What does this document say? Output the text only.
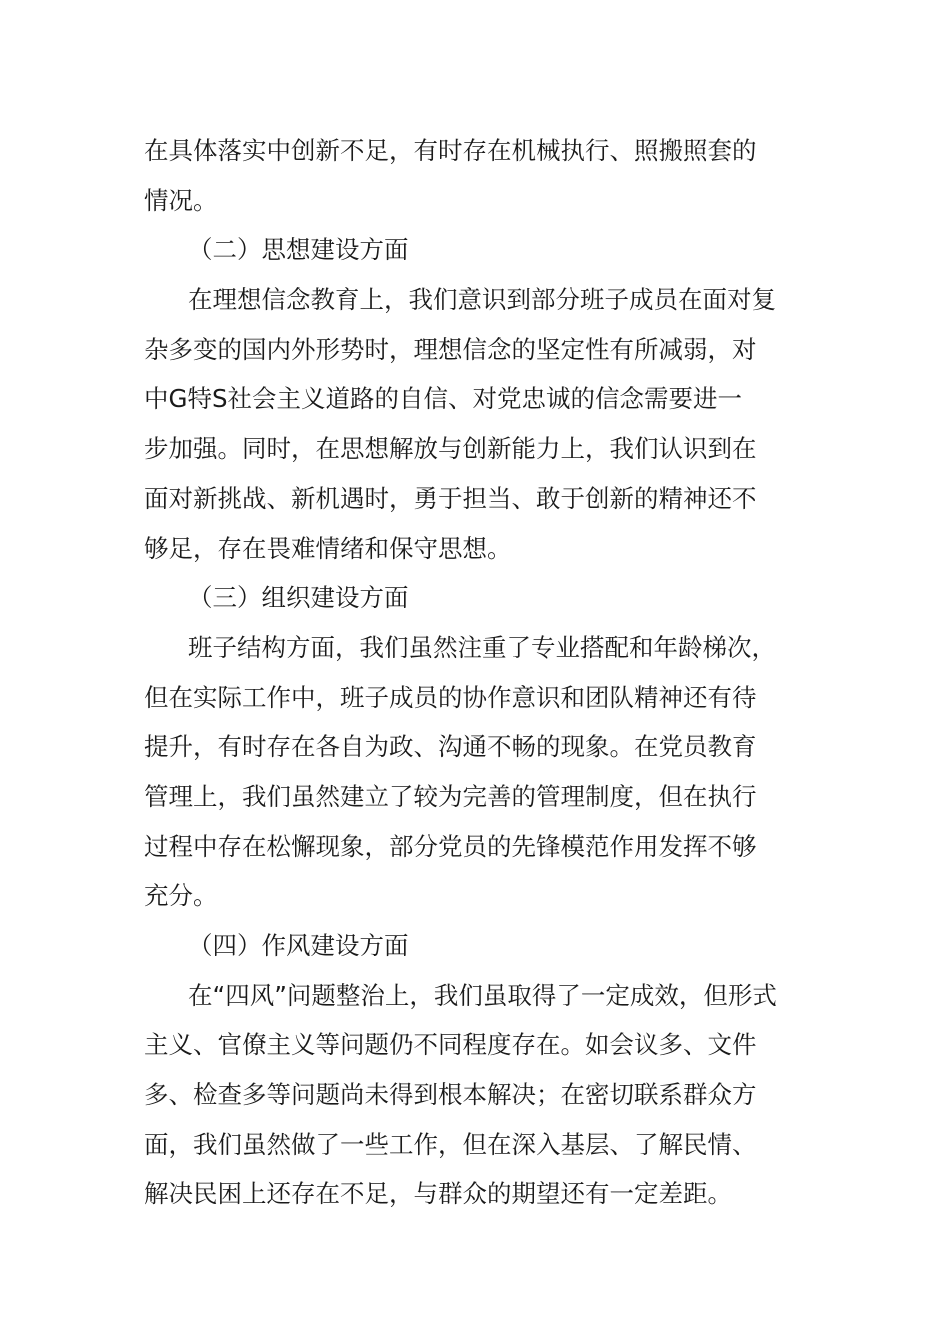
在具体落实中创新不足，有时存在机械执行、照搬照套的
情况。
（二）思想建设方面
在理想信念教育上，我们意识到部分班子成员在面对复
杂多变的国内外形势时，理想信念的坚定性有所减弱，对
中G特S社会主义道路的自信、对党忠诚的信念需要进一
步加强。同时，在思想解放与创新能力上，我们认识到在
面对新挑战、新机遇时，勇于担当、敢于创新的精神还不
够足，存在畏难情绪和保守思想。
（三）组织建设方面
班子结构方面，我们虽然注重了专业搭配和年龄梯次，
但在实际工作中，班子成员的协作意识和团队精神还有待
提升，有时存在各自为政、沟通不畅的现象。在党员教育
管理上，我们虽然建立了较为完善的管理制度，但在执行
过程中存在松懈现象，部分党员的先锋模范作用发挥不够
充分。
（四）作风建设方面
在“四风”问题整治上，我们虽取得了一定成效，但形式
主义、官僚主义等问题仍不同程度存在。如会议多、文件
多、检查多等问题尚未得到根本解决；在密切联系群众方
面，我们虽然做了一些工作，但在深入基层、了解民情、
解决民困上还存在不足，与群众的期望还有一定差距。
